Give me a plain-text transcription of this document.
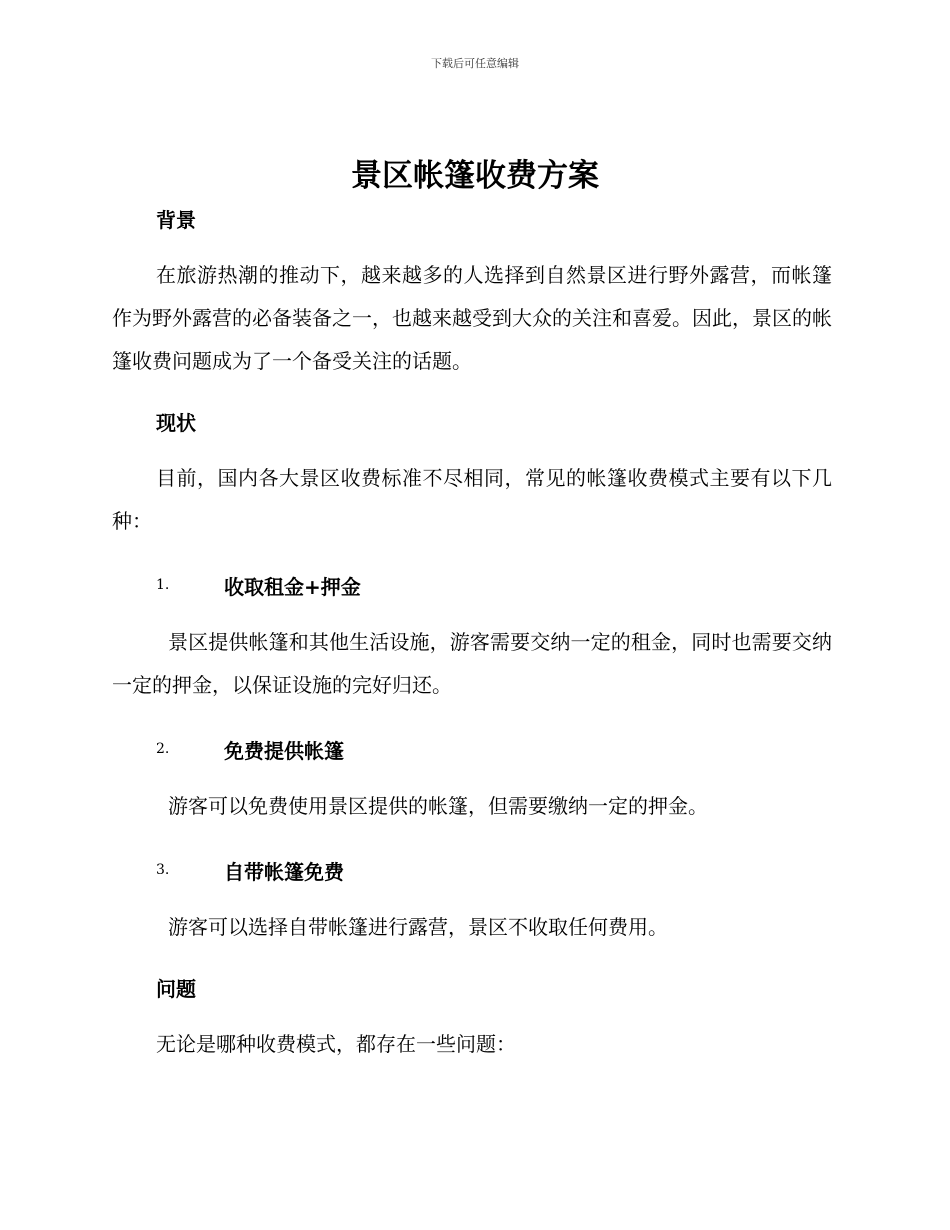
下载后可任意编辑
景区帐篷收费方案
背景

在旅游热潮的推动下，越来越多的人选择到自然景区进行野外露营，而帐篷作为野外露营的必备装备之一，也越来越受到大众的关注和喜爱。因此，景区的帐篷收费问题成为了一个备受关注的话题。

现状

目前，国内各大景区收费标准不尽相同，常见的帐篷收费模式主要有以下几种：

1.	收取租金+押金

景区提供帐篷和其他生活设施，游客需要交纳一定的租金，同时也需要交纳一定的押金，以保证设施的完好归还。

2.	免费提供帐篷

游客可以免费使用景区提供的帐篷，但需要缴纳一定的押金。

3.	自带帐篷免费

游客可以选择自带帐篷进行露营，景区不收取任何费用。

问题

无论是哪种收费模式，都存在一些问题：
